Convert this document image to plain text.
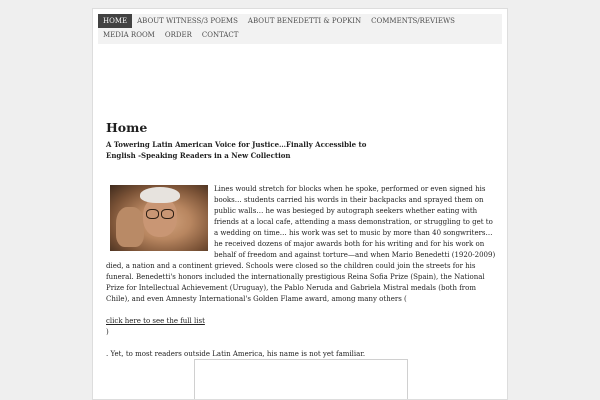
HOME	ABOUT WITNESS/3 POEMS	ABOUT BENEDETTI & POPKIN	COMMENTS/REVIEWS
MEDIA ROOM	ORDER	CONTACT
Home
A Towering Latin American Voice for Justice…Finally Accessible to English -Speaking Readers in a New Collection

Lines would stretch for blocks when he spoke, performed or even signed his books… students carried his words in their backpacks and sprayed them on public walls… he was besieged by autograph seekers whether eating with friends at a local cafe, attending a mass demonstration, or struggling to get to a wedding on time… his work was set to music by more than 40 songwriters…he received dozens of major awards both for his writing and for his work on behalf of freedom and against torture—and when Mario Benedetti (1920-2009) died, a nation and a continent grieved. Schools were closed so the children could join the streets for his funeral. Benedetti's honors included the internationally prestigious Reina Sofia Prize (Spain), the National Prize for Intellectual Achievement (Uruguay), the Pablo Neruda and Gabriela Mistral medals (both from Chile), and even Amnesty International's Golden Flame award, among many others (

click here to see the full list

)

. Yet, to most readers outside Latin America, his name is not yet familiar.
